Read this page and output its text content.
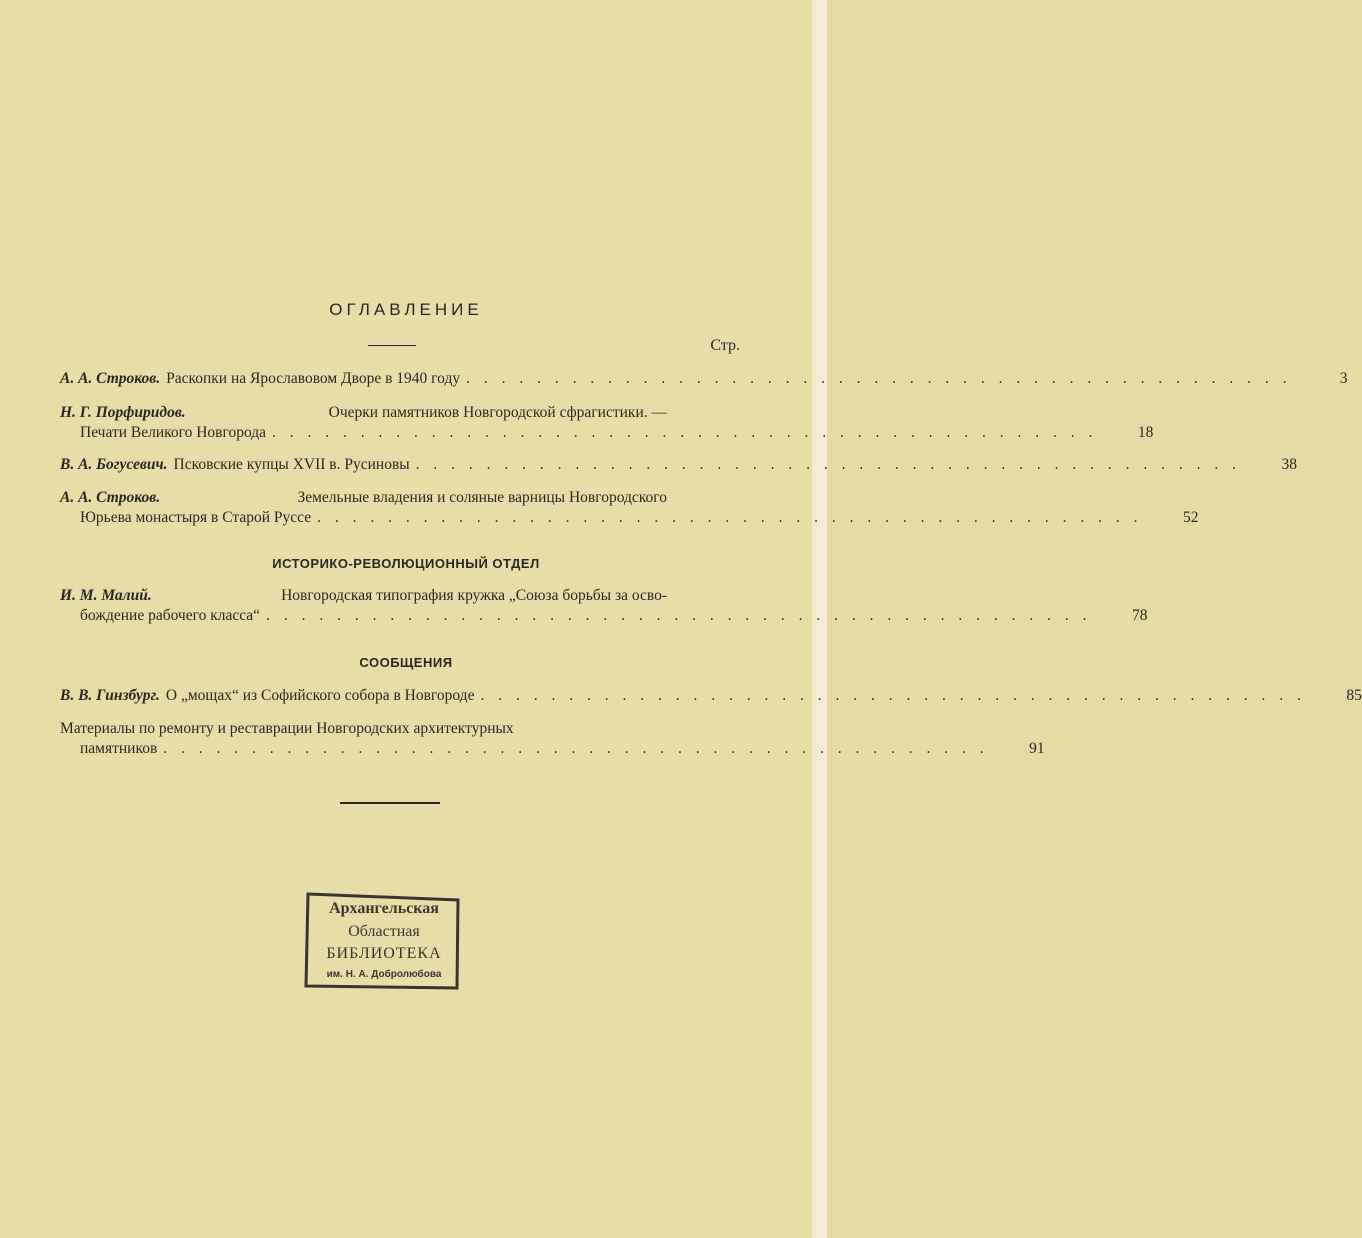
ОГЛАВЛЕНИЕ
Стр.
А. А. Строков. Раскопки на Ярославовом Дворе в 1940 году . . . . . . . . . . . . . . . . . . . . . . . . . . . . . . . . . . . . . . . . . . . . . . .	3
Н. Г. Порфиридов.	Очерки памятников Новгородской сфрагистики. —
Печати Великого Новгорода . . . . . . . . . . . . . . . . . . . . . . . . . . . . . . . . . . . . . . . . . . . . . . .	18
В. А. Богусевич. Псковские купцы XVII в. Русиновы . . . . . . . . . . . . . . . . . . . . . . . . . . . . . . . . . . . . . . . . . . . . . . .	38
А. А. Строков.	Земельные владения и соляные варницы Новгородского
Юрьева монастыря в Старой Руссе . . . . . . . . . . . . . . . . . . . . . . . . . . . . . . . . . . . . . . . . . . . . . . .	52
ИСТОРИКО-РЕВОЛЮЦИОННЫЙ ОТДЕЛ
И. М. Малий.	Новгородская типография кружка „Союза борьбы за осво-
бождение рабочего класса“ . . . . . . . . . . . . . . . . . . . . . . . . . . . . . . . . . . . . . . . . . . . . . . .	78
СООБЩЕНИЯ
В. В. Гинзбург. О „мощах“ из Софийского собора в Новгороде . . . . . . . . . . . . . . . . . . . . . . . . . . . . . . . . . . . . . . . . . . . . . . .	85
Материалы по ремонту и реставрации Новгородских архитектурных
памятников . . . . . . . . . . . . . . . . . . . . . . . . . . . . . . . . . . . . . . . . . . . . . . .	91
Архангельская
Областная
БИБЛИОТЕКА
им. Н. А. Добролюбова
